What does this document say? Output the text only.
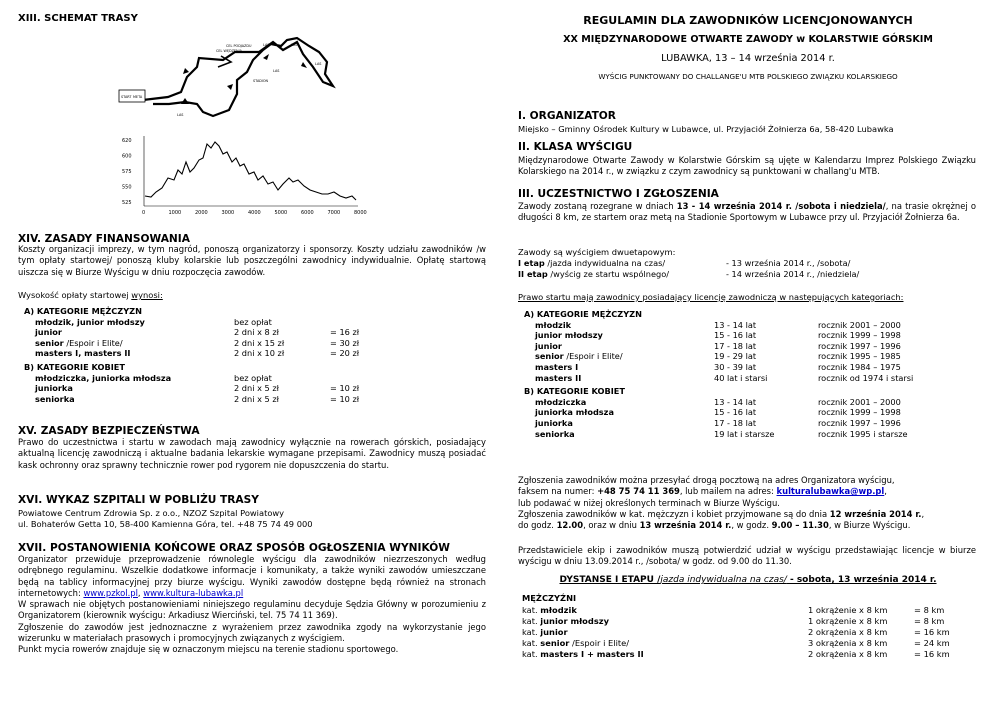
XIII. SCHEMAT TRASY
START META
CEL WĘDZENIA
CEL PODJAZDU	LAS	LAS
LAS
LAS
STADION
LAS
620
600
575
550
525
0	1000	2000	3000	4000	5000	6000	7000	8000
XIV. ZASADY FINANSOWANIA
Koszty organizacji imprezy, w tym nagród, ponoszą organizatorzy i sponsorzy. Koszty udziału zawodników /w tym opłaty startowej/ ponoszą kluby kolarskie lub poszczególni zawodnicy indywidualnie. Opłatę startową uiszcza się w Biurze Wyścigu w dniu rozpoczęcia zawodów.
Wysokość opłaty startowej wynosi:
A) KATEGORIE MĘŻCZYZN
młodzik, junior młodszy	bez opłat
junior	2 dni x 8 zł	= 16 zł
senior /Espoir i Elite/	2 dni x 15 zł	= 30 zł
masters I, masters II	2 dni x 10 zł	= 20 zł
B) KATEGORIE KOBIET
młodziczka, juniorka młodsza	bez opłat
juniorka	2 dni x 5 zł	= 10 zł
seniorka	2 dni x 5 zł	= 10 zł
XV. ZASADY BEZPIECZEŃSTWA
Prawo do uczestnictwa i startu w zawodach mają zawodnicy wyłącznie na rowerach górskich, posiadający aktualną licencję zawodniczą i aktualne badania lekarskie wymagane przepisami. Zawodnicy muszą posiadać kask ochronny oraz sprawny technicznie rower pod rygorem nie dopuszczenia do startu.
XVI. WYKAZ SZPITALI W POBLIŻU TRASY
Powiatowe Centrum Zdrowia Sp. z o.o., NZOZ Szpital Powiatowy
ul. Bohaterów Getta 10, 58-400 Kamienna Góra, tel. +48 75 74 49 000
XVII. POSTANOWIENIA KOŃCOWE ORAZ SPOSÓB OGŁOSZENIA WYNIKÓW
Organizator przewiduje przeprowadzenie równolegle wyścigu dla zawodników niezrzeszonych według odrębnego regulaminu. Wszelkie dodatkowe informacje i komunikaty, a także wyniki zawodów umieszczane będą na tablicy informacyjnej przy biurze wyścigu. Wyniki zawodów dostępne będą również na stronach internetowych: www.pzkol.pl, www.kultura-lubawka.pl
W sprawach nie objętych postanowieniami niniejszego regulaminu decyduje Sędzia Główny w porozumieniu z Organizatorem (kierownik wyścigu: Arkadiusz Wierciński, tel. 75 74 11 369).
Zgłoszenie do zawodów jest jednoznaczne z wyrażeniem przez zawodnika zgody na wykorzystanie jego wizerunku w materiałach prasowych i promocyjnych związanych z wyścigiem.
Punkt mycia rowerów znajduje się w oznaczonym miejscu na terenie stadionu sportowego.
REGULAMIN DLA ZAWODNIKÓW LICENCJONOWANYCH
XX MIĘDZYNARODOWE OTWARTE ZAWODY w KOLARSTWIE GÓRSKIM
LUBAWKA, 13 – 14 września 2014 r.
WYŚCIG PUNKTOWANY DO CHALLANGE'U MTB POLSKIEGO ZWIĄZKU KOLARSKIEGO
I. ORGANIZATOR
Miejsko – Gminny Ośrodek Kultury w Lubawce, ul. Przyjaciół Żołnierza 6a, 58-420 Lubawka
II. KLASA WYŚCIGU
Międzynarodowe Otwarte Zawody w Kolarstwie Górskim są ujęte w Kalendarzu Imprez Polskiego Związku Kolarskiego na 2014 r., w związku z czym zawodnicy są punktowani w challang'u MTB.
III. UCZESTNICTWO I ZGŁOSZENIA
Zawody zostaną rozegrane w dniach 13 - 14 września 2014 r. /sobota i niedziela/, na trasie okrężnej o długości 8 km, ze startem oraz metą na Stadionie Sportowym w Lubawce przy ul. Przyjaciół Żołnierza 6a.
Zawody są wyścigiem dwuetapowym:
I etap /jazda indywidualna na czas/	- 13 września 2014 r., /sobota/
II etap /wyścig ze startu wspólnego/	- 14 września 2014 r., /niedziela/
Prawo startu mają zawodnicy posiadający licencję zawodniczą w następujących kategoriach:
A) KATEGORIE MĘŻCZYZN
młodzik	13 - 14 lat	rocznik 2001 – 2000
junior młodszy	15 - 16 lat	rocznik 1999 – 1998
junior	17 - 18 lat	rocznik 1997 – 1996
senior /Espoir i Elite/	19 - 29 lat	rocznik 1995 – 1985
masters I	30 - 39 lat	rocznik 1984 – 1975
masters II	40 lat i starsi	rocznik od 1974 i starsi
B) KATEGORIE KOBIET
młodziczka	13 - 14 lat	rocznik 2001 – 2000
juniorka młodsza	15 - 16 lat	rocznik 1999 – 1998
juniorka	17 - 18 lat	rocznik 1997 – 1996
seniorka	19 lat i starsze	rocznik 1995 i starsze
Zgłoszenia zawodników można przesyłać drogą pocztową na adres Organizatora wyścigu,
faksem na numer: +48 75 74 11 369, lub mailem na adres: kulturalubawka@wp.pl,
lub podawać w niżej określonych terminach w Biurze Wyścigu.
Zgłoszenia zawodników w kat. mężczyzn i kobiet przyjmowane są do dnia 12 września 2014 r.,
do godz. 12.00, oraz w dniu 13 września 2014 r., w godz. 9.00 – 11.30, w Biurze Wyścigu.
Przedstawiciele ekip i zawodników muszą potwierdzić udział w wyścigu przedstawiając licencje w biurze wyścigu w dniu 13.09.2014 r., /sobota/ w godz. od 9.00 do 11.30.
DYSTANSE I ETAPU /jazda indywidualna na czas/ - sobota, 13 września 2014 r.
MĘŻCZYŹNI
kat. młodzik	1 okrążenie x 8 km	= 8 km
kat. junior młodszy	1 okrążenie x 8 km	= 8 km
kat. junior	2 okrążenia x 8 km	= 16 km
kat. senior /Espoir i Elite/	3 okrążenia x 8 km	= 24 km
kat. masters I + masters II	2 okrążenia x 8 km	= 16 km
